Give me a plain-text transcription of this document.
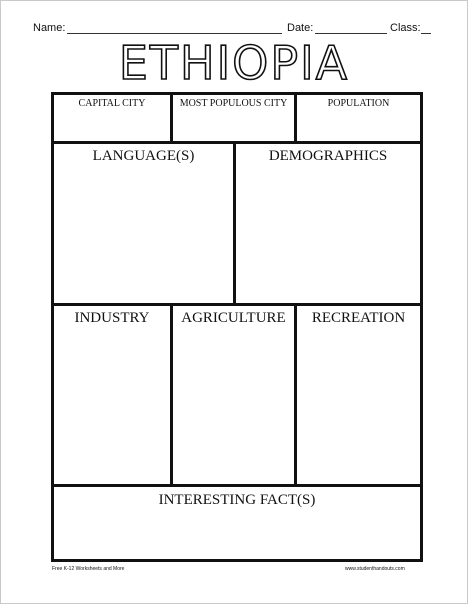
Name:	Date:	Class:
ETHIOPIA
CAPITAL CITY	MOST POPULOUS CITY	POPULATION
LANGUAGE(S)	DEMOGRAPHICS
INDUSTRY	AGRICULTURE	RECREATION
INTERESTING FACT(S)
Free K-12 Worksheets and More	www.studenthandouts.com
